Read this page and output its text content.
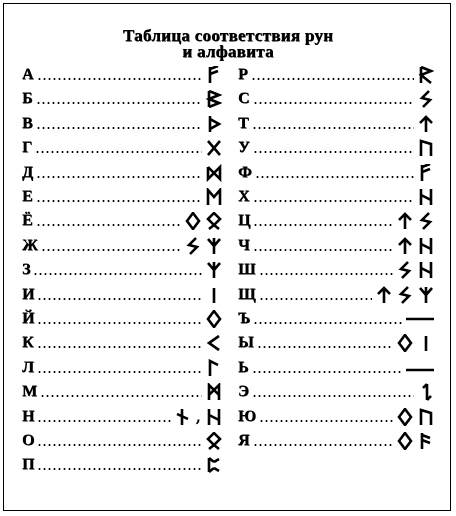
Таблица соответствия рун
и алфавита
А
Б
В
Г
Д
Е
Ё
Ж
З
И
Й
К
Л
М
Н	,
О
П
Р
С
Т
У
Ф
Х
Ц
Ч
Ш
Щ
Ъ
Ы
Ь
Э
Ю
Я
